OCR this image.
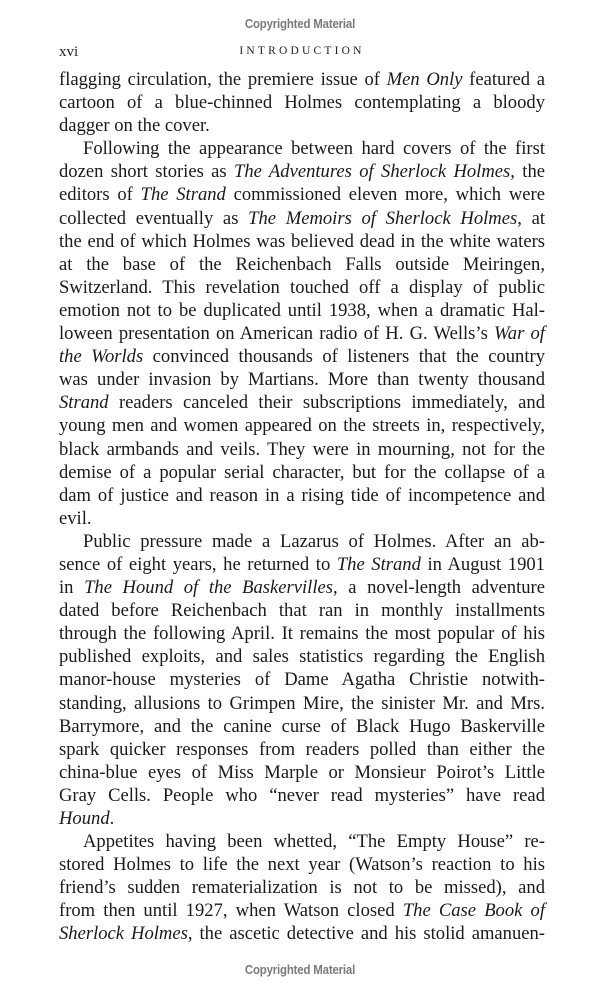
Copyrighted Material
xvi	INTRODUCTION
flagging circulation, the premiere issue of Men Only featured a
cartoon of a blue-chinned Holmes contemplating a bloody
dagger on the cover.
Following the appearance between hard covers of the first
dozen short stories as The Adventures of Sherlock Holmes, the
editors of The Strand commissioned eleven more, which were
collected eventually as The Memoirs of Sherlock Holmes, at
the end of which Holmes was believed dead in the white waters
at the base of the Reichenbach Falls outside Meiringen,
Switzerland. This revelation touched off a display of public
emotion not to be duplicated until 1938, when a dramatic Hal-
loween presentation on American radio of H. G. Wells’s War of
the Worlds convinced thousands of listeners that the country
was under invasion by Martians. More than twenty thousand
Strand readers canceled their subscriptions immediately, and
young men and women appeared on the streets in, respectively,
black armbands and veils. They were in mourning, not for the
demise of a popular serial character, but for the collapse of a
dam of justice and reason in a rising tide of incompetence and
evil.
Public pressure made a Lazarus of Holmes. After an ab-
sence of eight years, he returned to The Strand in August 1901
in The Hound of the Baskervilles, a novel-length adventure
dated before Reichenbach that ran in monthly installments
through the following April. It remains the most popular of his
published exploits, and sales statistics regarding the English
manor-house mysteries of Dame Agatha Christie notwith-
standing, allusions to Grimpen Mire, the sinister Mr. and Mrs.
Barrymore, and the canine curse of Black Hugo Baskerville
spark quicker responses from readers polled than either the
china-blue eyes of Miss Marple or Monsieur Poirot’s Little
Gray Cells. People who “never read mysteries” have read
Hound.
Appetites having been whetted, “The Empty House” re-
stored Holmes to life the next year (Watson’s reaction to his
friend’s sudden rematerialization is not to be missed), and
from then until 1927, when Watson closed The Case Book of
Sherlock Holmes, the ascetic detective and his stolid amanuen-
Copyrighted Material
